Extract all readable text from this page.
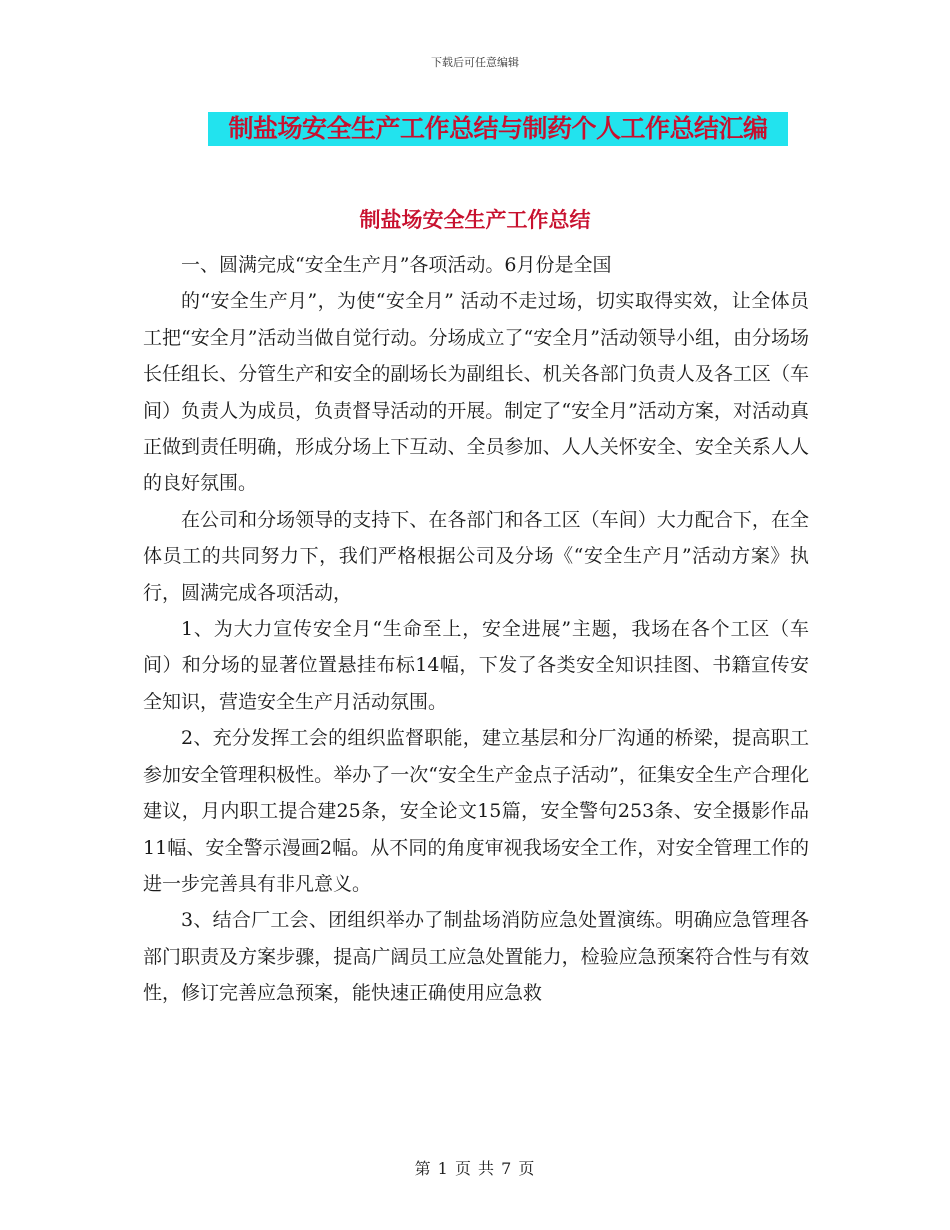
下载后可任意编辑
制盐场安全生产工作总结与制药个人工作总结汇编
制盐场安全生产工作总结

一、圆满完成“安全生产月”各项活动。6月份是全国

的“安全生产月”，为使“安全月” 活动不走过场，切实取得实效，让全体员工把“安全月”活动当做自觉行动。分场成立了“安全月”活动领导小组，由分场场长任组长、分管生产和安全的副场长为副组长、机关各部门负责人及各工区（车间）负责人为成员，负责督导活动的开展。制定了“安全月”活动方案，对活动真正做到责任明确，形成分场上下互动、全员参加、人人关怀安全、安全关系人人的良好氛围。

在公司和分场领导的支持下、在各部门和各工区（车间）大力配合下，在全体员工的共同努力下，我们严格根据公司及分场《“安全生产月”活动方案》执行，圆满完成各项活动，

1、为大力宣传安全月“生命至上，安全进展”主题，我场在各个工区（车间）和分场的显著位置悬挂布标14幅，下发了各类安全知识挂图、书籍宣传安全知识，营造安全生产月活动氛围。

2、充分发挥工会的组织监督职能，建立基层和分厂沟通的桥梁，提高职工参加安全管理积极性。举办了一次“安全生产金点子活动”，征集安全生产合理化建议，月内职工提合建25条，安全论文15篇，安全警句253条、安全摄影作品11幅、安全警示漫画2幅。从不同的角度审视我场安全工作，对安全管理工作的进一步完善具有非凡意义。

3、结合厂工会、团组织举办了制盐场消防应急处置演练。明确应急管理各部门职责及方案步骤，提高广阔员工应急处置能力，检验应急预案符合性与有效性，修订完善应急预案，能快速正确使用应急救

第 1 页 共 7 页
